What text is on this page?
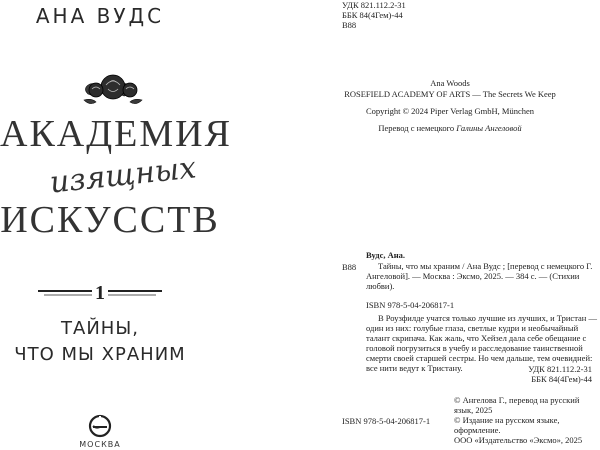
АНА ВУДС
АКАДЕМИЯ
изящных
ИСКУССТВ
1
ТАЙНЫ,
ЧТО МЫ ХРАНИМ
МОСКВА
УДК 821.112.2-31
ББК 84(4Гем)-44
В88
Ana Woods
ROSEFIELD ACADEMY OF ARTS — The Secrets We Keep
Copyright © 2024 Piper Verlag GmbH, München
Перевод с немецкого Галины Ангеловой
В88
Вудс, Ана.
Тайны, что мы храним / Ана Вудс ; [перевод с немецкого Г. Ангеловой]. — Москва : Эксмо, 2025. — 384 с. — (Стихии любви).
ISBN 978-5-04-206817-1
В Роузфилде учатся только лучшие из лучших, и Тристан — один из них: голубые глаза, светлые кудри и необычайный талант скрипача. Как жаль, что Хейзел дала себе обещание с головой погрузиться в учебу и расследование таинственной смерти своей старшей сестры. Но чем дальше, тем очевидней: все нити ведут к Тристану.	УДК 821.112.2-31
ББК 84(4Гем)-44
© Ангелова Г., перевод на русский язык, 2025
© Издание на русском языке, оформление.
ООО «Издательство «Эксмо», 2025
ISBN 978-5-04-206817-1
